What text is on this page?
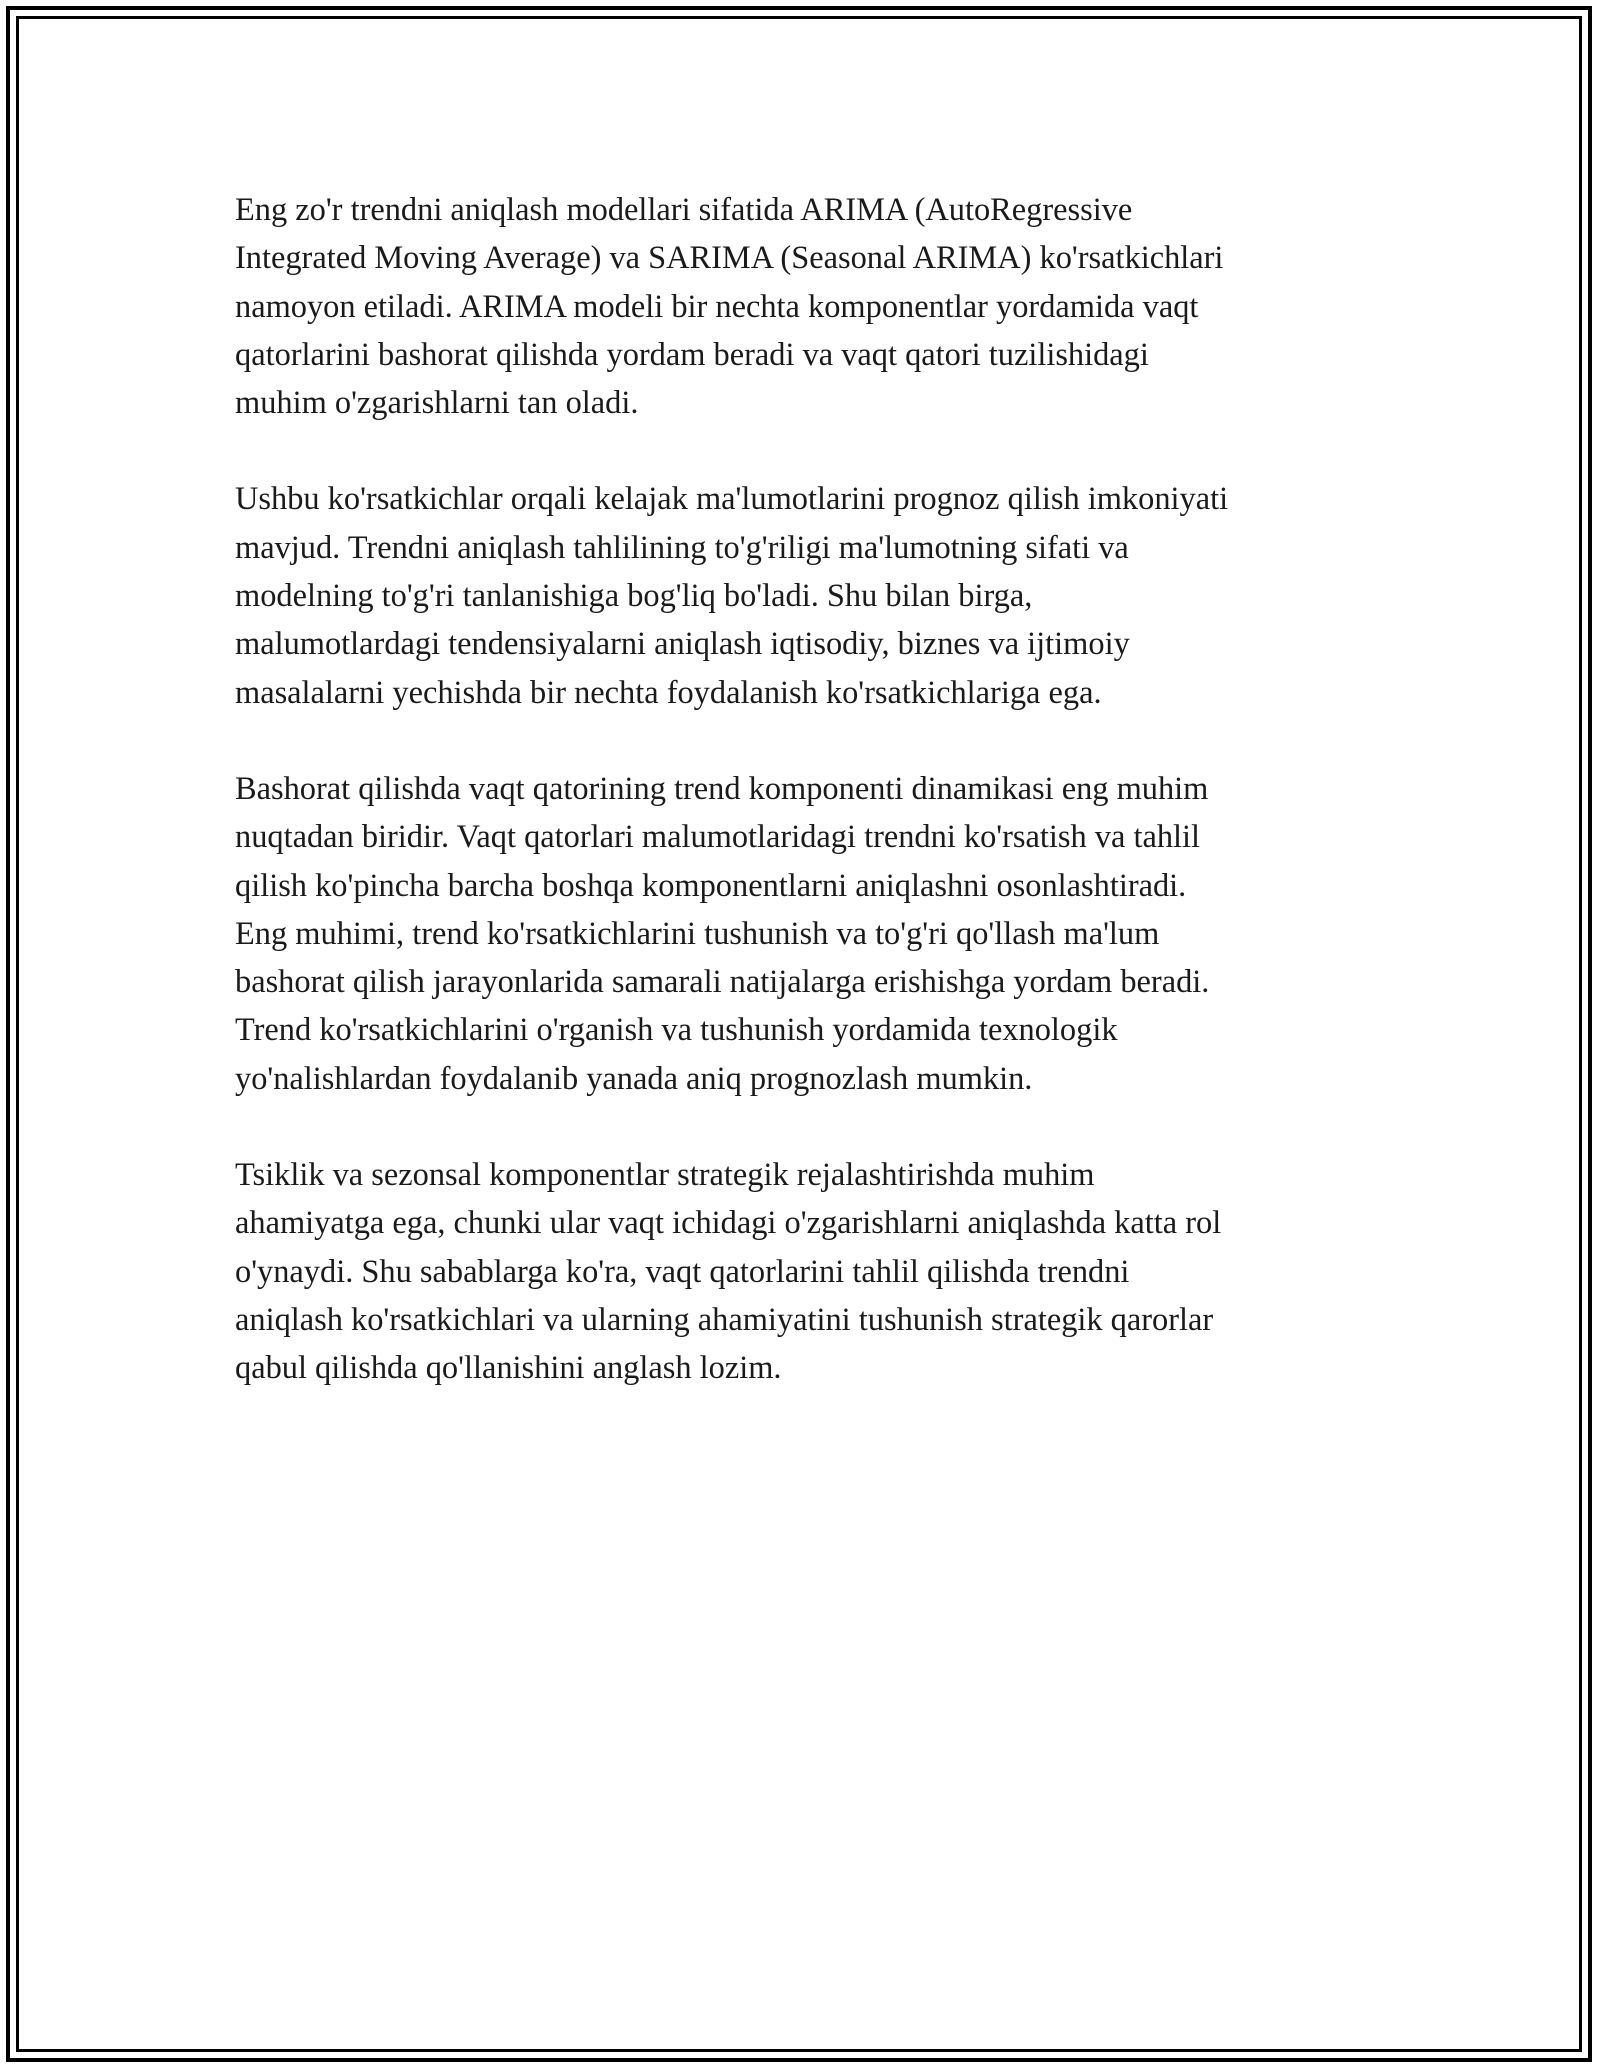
Eng zo'r trendni aniqlash modellari sifatida ARIMA (AutoRegressive
Integrated Moving Average) va SARIMA (Seasonal ARIMA) ko'rsatkichlari
namoyon etiladi. ARIMA modeli bir nechta komponentlar yordamida vaqt
qatorlarini bashorat qilishda yordam beradi va vaqt qatori tuzilishidagi
muhim o'zgarishlarni tan oladi.

Ushbu ko'rsatkichlar orqali kelajak ma'lumotlarini prognoz qilish imkoniyati
mavjud. Trendni aniqlash tahlilining to'g'riligi ma'lumotning sifati va
modelning to'g'ri tanlanishiga bog'liq bo'ladi. Shu bilan birga,
malumotlardagi tendensiyalarni aniqlash iqtisodiy, biznes va ijtimoiy
masalalarni yechishda bir nechta foydalanish ko'rsatkichlariga ega.

Bashorat qilishda vaqt qatorining trend komponenti dinamikasi eng muhim
nuqtadan biridir. Vaqt qatorlari malumotlaridagi trendni ko'rsatish va tahlil
qilish ko'pincha barcha boshqa komponentlarni aniqlashni osonlashtiradi.
Eng muhimi, trend ko'rsatkichlarini tushunish va to'g'ri qo'llash ma'lum
bashorat qilish jarayonlarida samarali natijalarga erishishga yordam beradi.
Trend ko'rsatkichlarini o'rganish va tushunish yordamida texnologik
yo'nalishlardan foydalanib yanada aniq prognozlash mumkin.

Tsiklik va sezonsal komponentlar strategik rejalashtirishda muhim
ahamiyatga ega, chunki ular vaqt ichidagi o'zgarishlarni aniqlashda katta rol
o'ynaydi. Shu sabablarga ko'ra, vaqt qatorlarini tahlil qilishda trendni
aniqlash ko'rsatkichlari va ularning ahamiyatini tushunish strategik qarorlar
qabul qilishda qo'llanishini anglash lozim.
